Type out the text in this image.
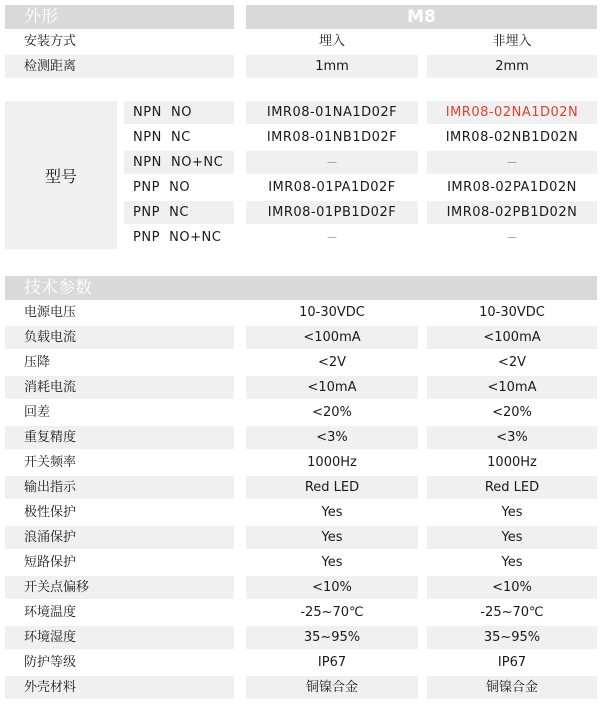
外形	M8
安装方式	埋入	非埋入
检测距离	1mm	2mm
型号
NPN  NO	IMR08-01NA1D02F	IMR08-02NA1D02N
NPN  NC	IMR08-01NB1D02F	IMR08-02NB1D02N
NPN  NO+NC	—	—
PNP  NO	IMR08-01PA1D02F	IMR08-02PA1D02N
PNP  NC	IMR08-01PB1D02F	IMR08-02PB1D02N
PNP  NO+NC	—	—
技术参数
电源电压	10-30VDC	10-30VDC
负载电流	<100mA	<100mA
压降	<2V	<2V
消耗电流	<10mA	<10mA
回差	<20%	<20%
重复精度	<3%	<3%
开关频率	1000Hz	1000Hz
输出指示	Red LED	Red LED
极性保护	Yes	Yes
浪涌保护	Yes	Yes
短路保护	Yes	Yes
开关点偏移	<10%	<10%
环境温度	-25~70℃	-25~70℃
环境湿度	35~95%	35~95%
防护等级	IP67	IP67
外壳材料	铜镍合金	铜镍合金
